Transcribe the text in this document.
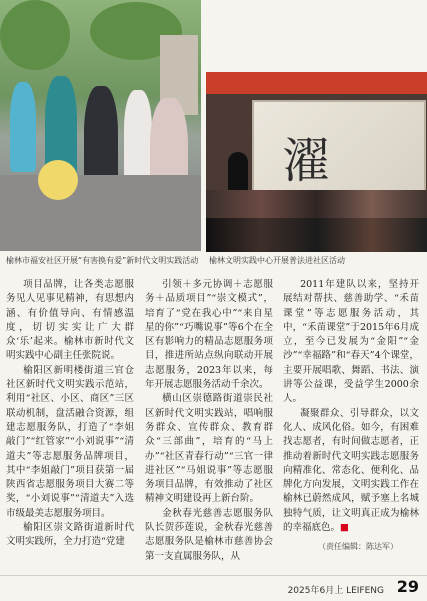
濯
榆林市福安社区开展“有害换有爱”新时代文明实践活动 榆林文明实践中心开展普法进社区活动

项目品牌，让各类志愿服务见人见事见精神，有思想内涵、有价值导向、有情感温度，切切实实让广大群众‘乐’起来。榆林市新时代文明实践中心副主任张院说。

榆阳区新明楼街道三官仓社区新时代文明实践示范站，利用“社区、小区、商区”三区联动机制，盘活融合资源，组建志愿服务队，打造了“李姐敲门”“红管家”“小刘说事”“清道夫”等志愿服务品牌项目，其中“李姐敲门”项目获第一届陕西省志愿服务项目大赛二等奖，“小刘说事”“清道夫”入选市级最美志愿服务项目。

榆阳区崇文路街道新时代文明实践所，全力打造“党建

引领＋多元协调＋志愿服务＋品质项目”“崇文模式”，培育了“党在我心中”“来自星星的你”“巧嘴说事”等6个在全区有影响力的精品志愿服务项目，推进所站点纵向联动开展志愿服务，2023年以来，每年开展志愿服务活动千余次。

横山区崇德路街道崇民社区新时代文明实践站，唱响服务群众、宣传群众、教育群众“三部曲”，培育的“马上办”“社区青春行动”“三官一律进社区”“马姐说事”等志愿服务项目品牌，有效推动了社区精神文明建设再上新台阶。

金秋春光慈善志愿服务队队长贺莎莲说，金秋春光慈善志愿服务队是榆林市慈善协会第一支直属服务队，从

2011年建队以来，坚持开展结对帮扶、慈善助学、“禾苗课堂”等志愿服务活动，其中，“禾苗课堂”于2015年6月成立，至今已发展为“金阳”“金沙”“幸福路”和“春天”4个课堂，主要开展唱歌、舞蹈、书法、演讲等公益课，受益学生2000余人。

凝聚群众、引导群众，以文化人、成风化俗。如今，有困难找志愿者，有时间做志愿者，正推动着新时代文明实践志愿服务向精准化、常态化、便利化、品牌化方向发展，文明实践工作在榆林已蔚然成风，赋予塞上名城独特气质，让文明真正成为榆林的幸福底色。■

（责任编辑：陈达军）
2025年6月上 LEIFENG 29
